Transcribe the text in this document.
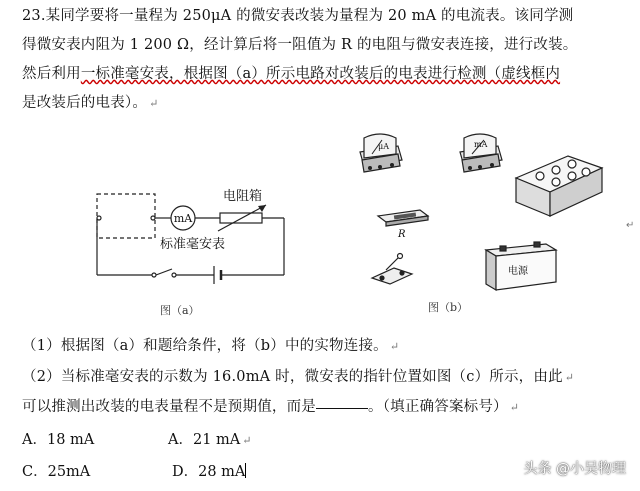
23.某同学要将一量程为 250μA 的微安表改装为量程为 20 mA 的电流表。该同学测
得微安表内阻为 1 200 Ω，经计算后将一阻值为 R 的电阻与微安表连接，进行改装。
然后利用一标准毫安表，根据图（a）所示电路对改装后的电表进行检测（虚线框内
是改装后的电表）。 ↵
mA
电阻箱
标准毫安表
图（a）
μA	mA
R
电源
图（b）
↵
（1）根据图（a）和题给条件，将（b）中的实物连接。 ↵
（2）当标准毫安表的示数为 16.0mA 时，微安表的指针位置如图（c）所示，由此 ↵
可以推测出改装的电表量程不是预期值，而是	。（填正确答案标号） ↵
A．18 mA	A．21 mA ↵
C．25mA	D．28 mA	头条 @小吴物理
